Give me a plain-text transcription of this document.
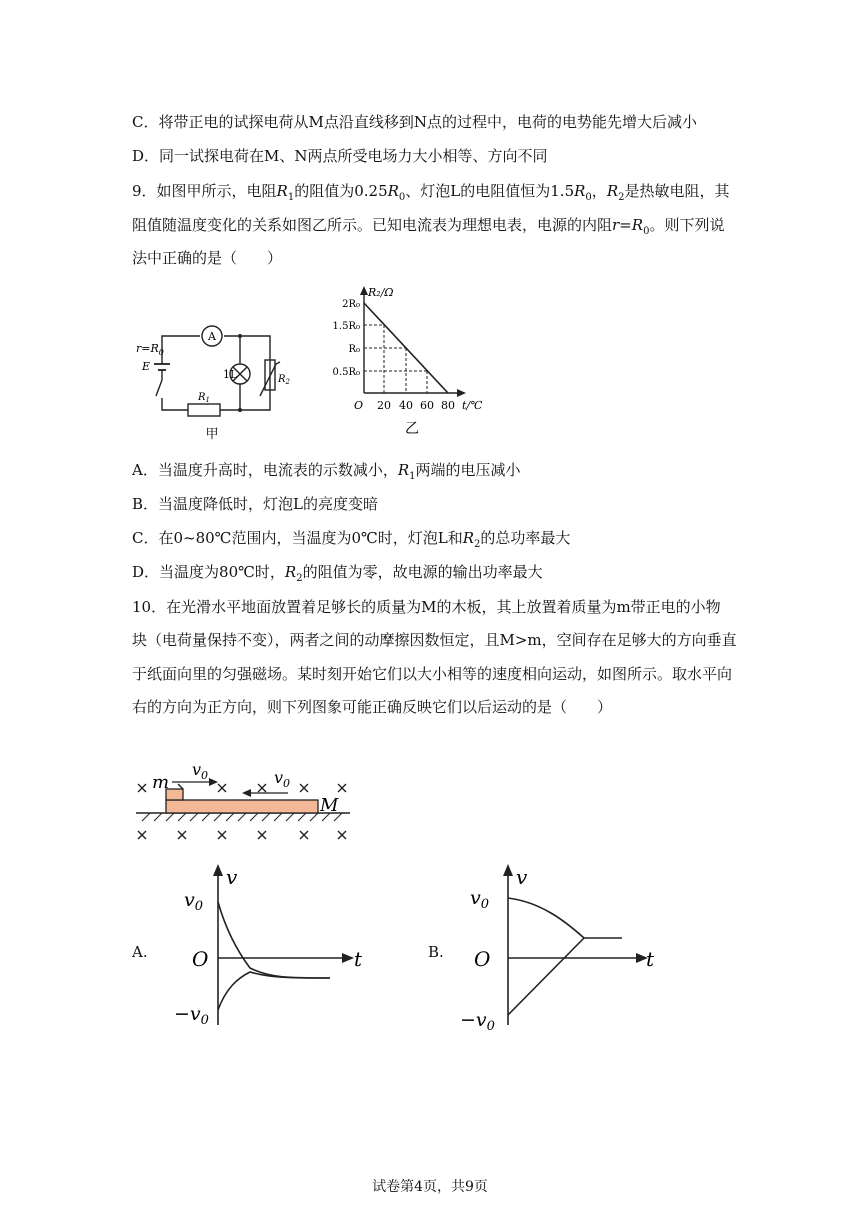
C．将带正电的试探电荷从M点沿直线移到N点的过程中，电荷的电势能先增大后减小
D．同一试探电荷在M、N两点所受电场力大小相等、方向不同
9．如图甲所示，电阻$R_1$的阻值为$0.25R_0$、灯泡L的电阻值恒为$1.5R_0$，$R_2$是热敏电阻，其
阻值随温度变化的关系如图乙所示。已知电流表为理想电表，电源的内阻$r=R_0$。则下列说
法中正确的是（　　）
A
$r=R_0$
E
1L
$R_1$
$R_2$
甲
R₂/Ω
2R₀
1.5R₀
R₀
0.5R₀
O 20 40 60 80 t/℃
乙
A．当温度升高时，电流表的示数减小，$R_1$两端的电压减小
B．当温度降低时，灯泡L的亮度变暗
C．在0~80℃范围内，当温度为0℃时，灯泡L和$R_2$的总功率最大
D．当温度为80℃时，$R_2$的阻值为零，故电源的输出功率最大
10．在光滑水平地面放置着足够长的质量为M的木板，其上放置着质量为m带正电的小物
块（电荷量保持不变），两者之间的动摩擦因数恒定，且M>m，空间存在足够大的方向垂直
于纸面向里的匀强磁场。某时刻开始它们以大小相等的速度相向运动，如图所示。取水平向
右的方向为正方向，则下列图象可能正确反映它们以后运动的是（　　）
m
M
$v_0$	$v_0$
A.
v
t
O
$v_0$
$-v_0$
B.
v
t
O
$v_0$
$-v_0$
试卷第4页，共9页
